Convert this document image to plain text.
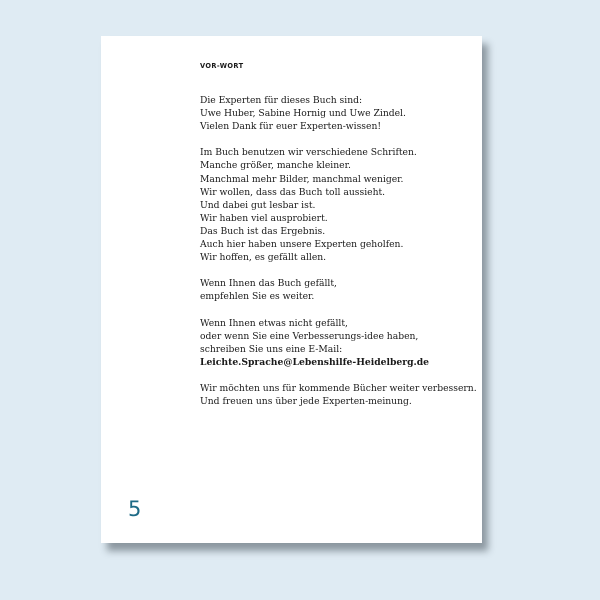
VOR-WORT
Die Experten für dieses Buch sind:
Uwe Huber, Sabine Hornig und Uwe Zindel.
Vielen Dank für euer Experten-wissen!
Im Buch benutzen wir verschiedene Schriften.
Manche größer, manche kleiner.
Manchmal mehr Bilder, manchmal weniger.
Wir wollen, dass das Buch toll aussieht.
Und dabei gut lesbar ist.
Wir haben viel ausprobiert.
Das Buch ist das Ergebnis.
Auch hier haben unsere Experten geholfen.
Wir hoffen, es gefällt allen.
Wenn Ihnen das Buch gefällt,
empfehlen Sie es weiter.
Wenn Ihnen etwas nicht gefällt,
oder wenn Sie eine Verbesserungs-idee haben,
schreiben Sie uns eine E-Mail:
Leichte.Sprache@Lebenshilfe-Heidelberg.de
Wir möchten uns für kommende Bücher weiter verbessern.
Und freuen uns über jede Experten-meinung.
5
